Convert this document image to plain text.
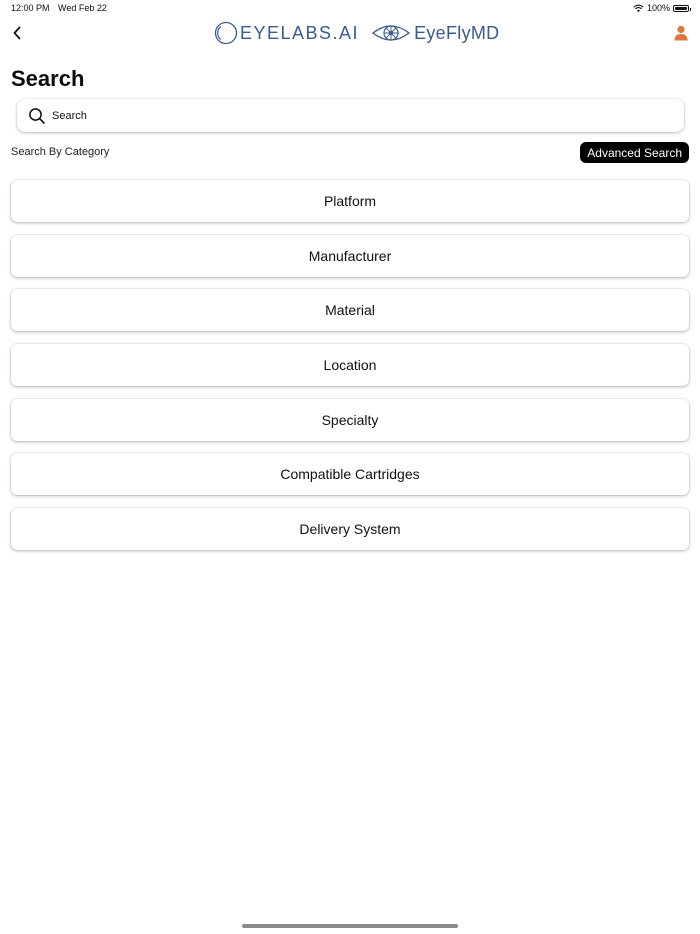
12:00 PM Wed Feb 22	100%
EYELABS.AI	EyeFlyMD
Search
Search
Search By Category	Advanced Search
Platform
Manufacturer
Material
Location
Specialty
Compatible Cartridges
Delivery System
